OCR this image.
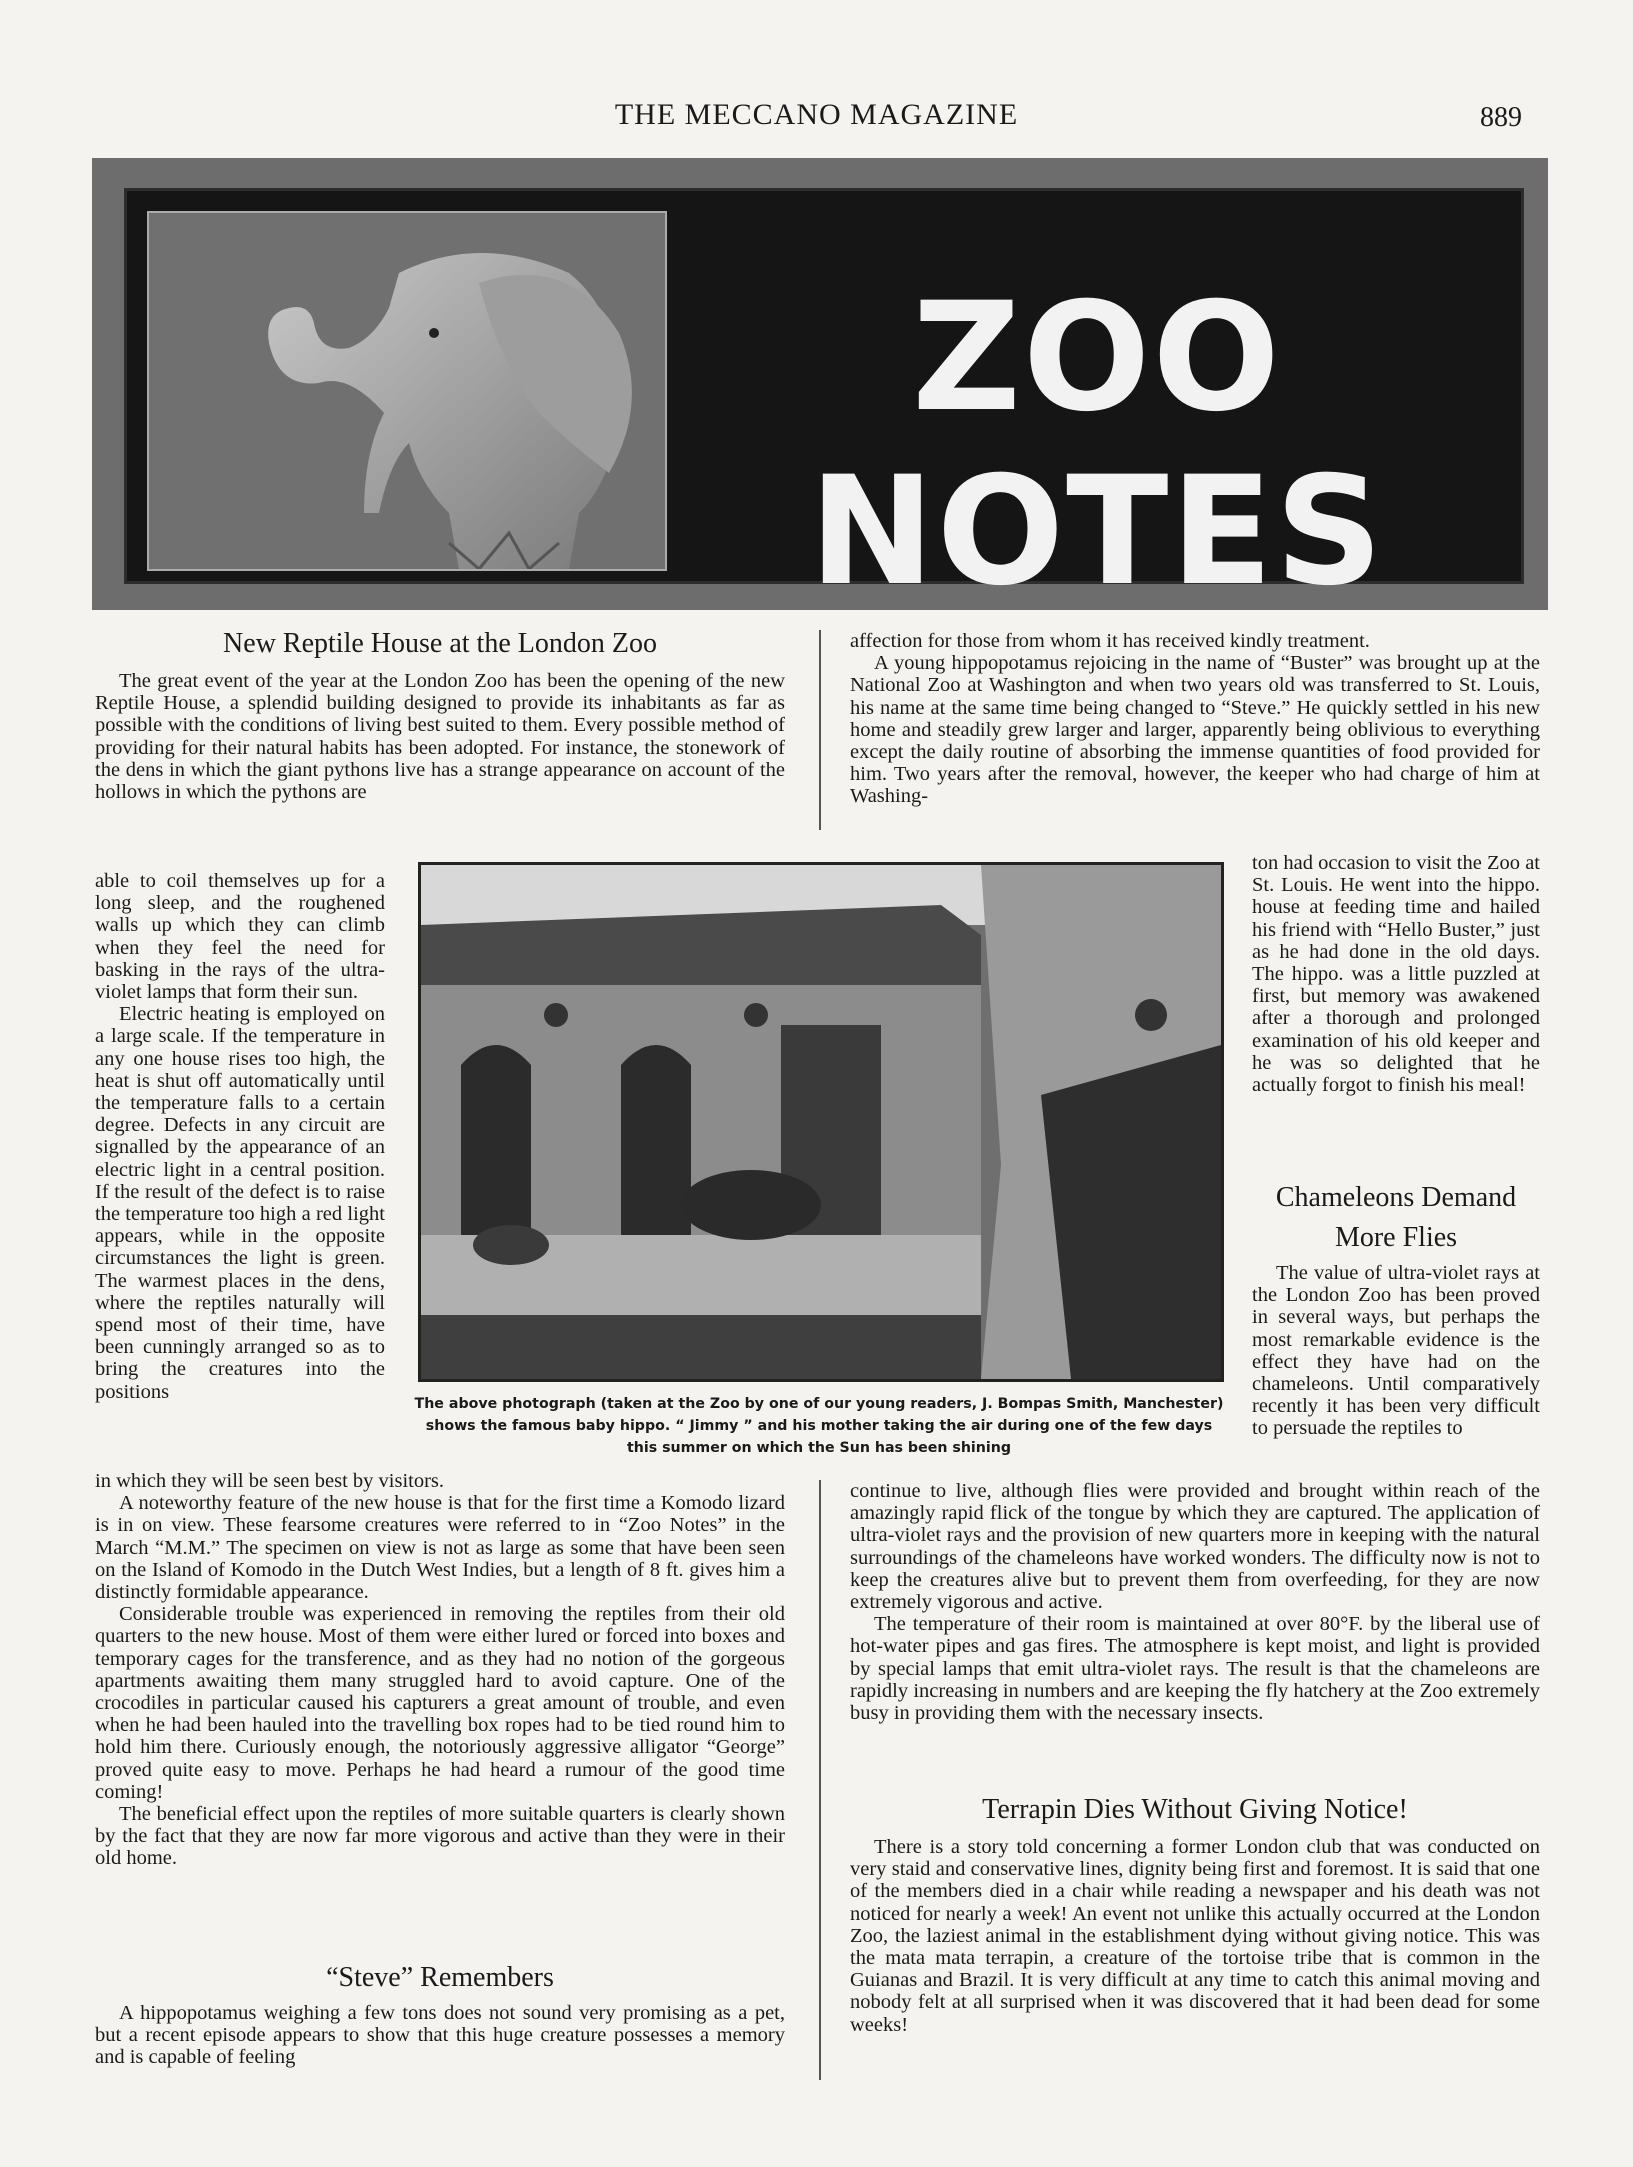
THE MECCANO MAGAZINE	889
ZOO NOTES
New Reptile House at the London Zoo

The great event of the year at the London Zoo has been the opening of the new Reptile House, a splendid building designed to provide its inhabitants as far as possible with the conditions of living best suited to them. Every possible method of providing for their natural habits has been adopted. For instance, the stonework of the dens in which the giant pythons live has a strange appearance on account of the hollows in which the pythons are

able to coil themselves up for a long sleep, and the roughened walls up which they can climb when they feel the need for basking in the rays of the ultra-violet lamps that form their sun.

Electric heating is employed on a large scale. If the temperature in any one house rises too high, the heat is shut off automatically until the temperature falls to a certain degree. Defects in any circuit are signalled by the appearance of an electric light in a central position. If the result of the defect is to raise the temperature too high a red light appears, while in the opposite circumstances the light is green. The warmest places in the dens, where the reptiles naturally will spend most of their time, have been cunningly arranged so as to bring the creatures into the positions

in which they will be seen best by visitors.

A noteworthy feature of the new house is that for the first time a Komodo lizard is in on view. These fearsome creatures were referred to in “Zoo Notes” in the March “M.M.” The specimen on view is not as large as some that have been seen on the Island of Komodo in the Dutch West Indies, but a length of 8 ft. gives him a distinctly formidable appearance.

Considerable trouble was experienced in removing the reptiles from their old quarters to the new house. Most of them were either lured or forced into boxes and temporary cages for the transference, and as they had no notion of the gorgeous apartments awaiting them many struggled hard to avoid capture. One of the crocodiles in particular caused his capturers a great amount of trouble, and even when he had been hauled into the travelling box ropes had to be tied round him to hold him there. Curiously enough, the notoriously aggressive alligator “George” proved quite easy to move. Perhaps he had heard a rumour of the good time coming!

The beneficial effect upon the reptiles of more suitable quarters is clearly shown by the fact that they are now far more vigorous and active than they were in their old home.

“Steve” Remembers

A hippopotamus weighing a few tons does not sound very promising as a pet, but a recent episode appears to show that this huge creature possesses a memory and is capable of feeling

affection for those from whom it has received kindly treatment.

A young hippopotamus rejoicing in the name of “Buster” was brought up at the National Zoo at Washington and when two years old was transferred to St. Louis, his name at the same time being changed to “Steve.” He quickly settled in his new home and steadily grew larger and larger, apparently being oblivious to everything except the daily routine of absorbing the immense quantities of food provided for him. Two years after the removal, however, the keeper who had charge of him at Washing-

ton had occasion to visit the Zoo at St. Louis. He went into the hippo. house at feeding time and hailed his friend with “Hello Buster,” just as he had done in the old days. The hippo. was a little puzzled at first, but memory was awakened after a thorough and prolonged examination of his old keeper and he was so delighted that he actually forgot to finish his meal!

Chameleons Demand More Flies

The value of ultra-violet rays at the London Zoo has been proved in several ways, but perhaps the most remarkable evidence is the effect they have had on the chameleons. Until comparatively recently it has been very difficult to persuade the reptiles to

continue to live, although flies were provided and brought within reach of the amazingly rapid flick of the tongue by which they are captured. The application of ultra-violet rays and the provision of new quarters more in keeping with the natural surroundings of the chameleons have worked wonders. The difficulty now is not to keep the creatures alive but to prevent them from overfeeding, for they are now extremely vigorous and active.

The temperature of their room is maintained at over 80°F. by the liberal use of hot-water pipes and gas fires. The atmosphere is kept moist, and light is provided by special lamps that emit ultra-violet rays. The result is that the chameleons are rapidly increasing in numbers and are keeping the fly hatchery at the Zoo extremely busy in providing them with the necessary insects.

Terrapin Dies Without Giving Notice!

There is a story told concerning a former London club that was conducted on very staid and conservative lines, dignity being first and foremost. It is said that one of the members died in a chair while reading a newspaper and his death was not noticed for nearly a week! An event not unlike this actually occurred at the London Zoo, the laziest animal in the establishment dying without giving notice. This was the mata mata terrapin, a creature of the tortoise tribe that is common in the Guianas and Brazil. It is very difficult at any time to catch this animal moving and nobody felt at all surprised when it was discovered that it had been dead for some weeks!

The above photograph (taken at the Zoo by one of our young readers, J. Bompas Smith, Manchester)
shows the famous baby hippo. “ Jimmy ” and his mother taking the air during one of the few days
this summer on which the Sun has been shining
